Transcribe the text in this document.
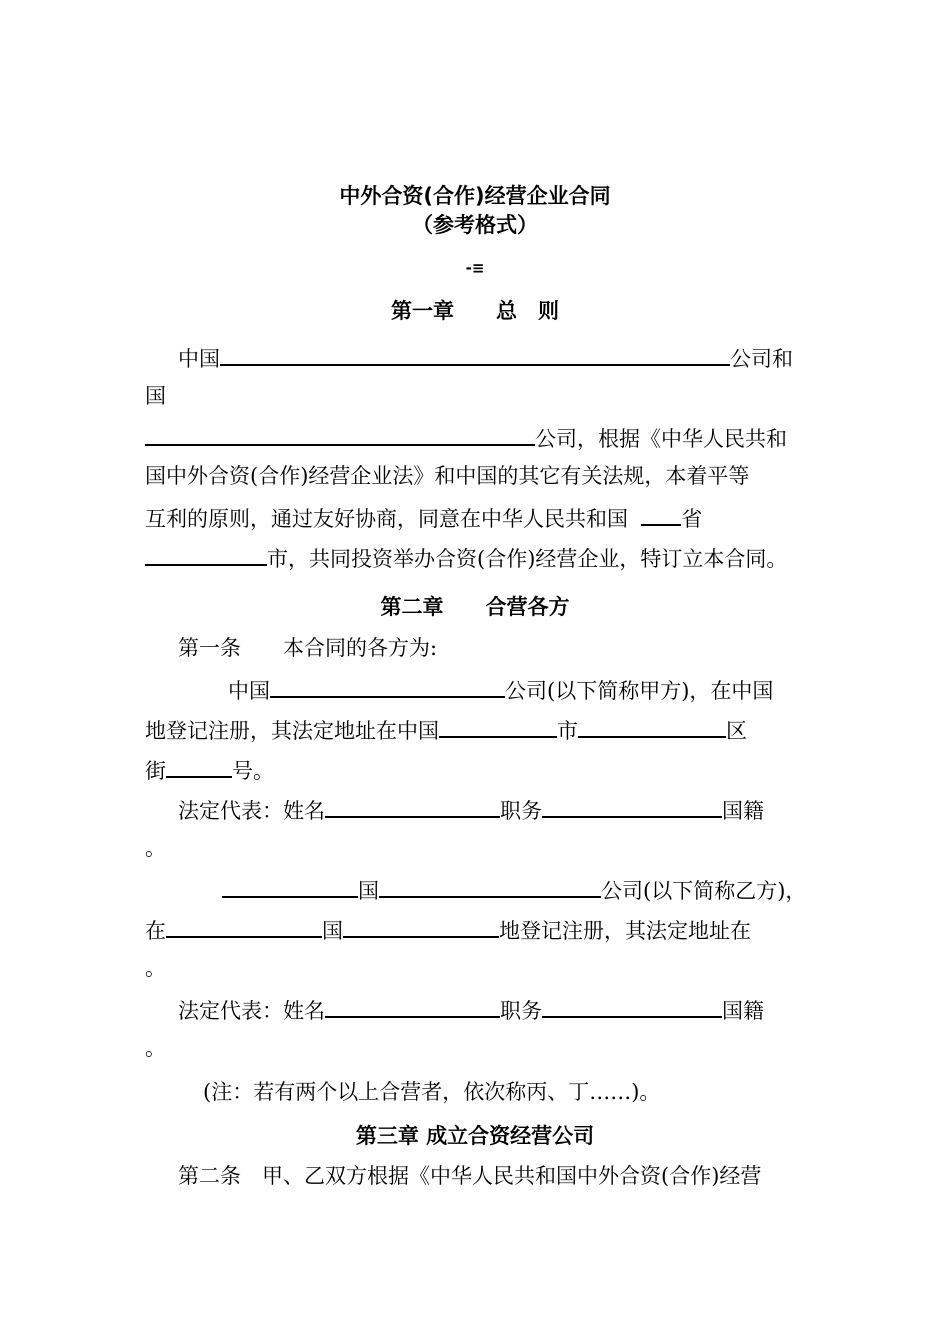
中外合资(合作)经营企业合同
（参考格式）
-≡
第一章　　总　则
中国	公司和
国
公司，根据《中华人民共和
国中外合资(合作)经营企业法》和中国的其它有关法规，本着平等
互利的原则，通过友好协商，同意在中华人民共和国	省
市，共同投资举办合资(合作)经营企业，特订立本合同。
第二章　　合营各方
第一条　　本合同的各方为:
中国	公司(以下简称甲方)，在中国
地登记注册，其法定地址在中国	市	区
街	号。
法定代表：姓名	职务	国籍
。
国	公司(以下简称乙方)，
在	国	地登记注册，其法定地址在
。
法定代表：姓名	职务	国籍
。
(注：若有两个以上合营者，依次称丙、丁……)。
第三章 成立合资经营公司
第二条　甲、乙双方根据《中华人民共和国中外合资(合作)经营
